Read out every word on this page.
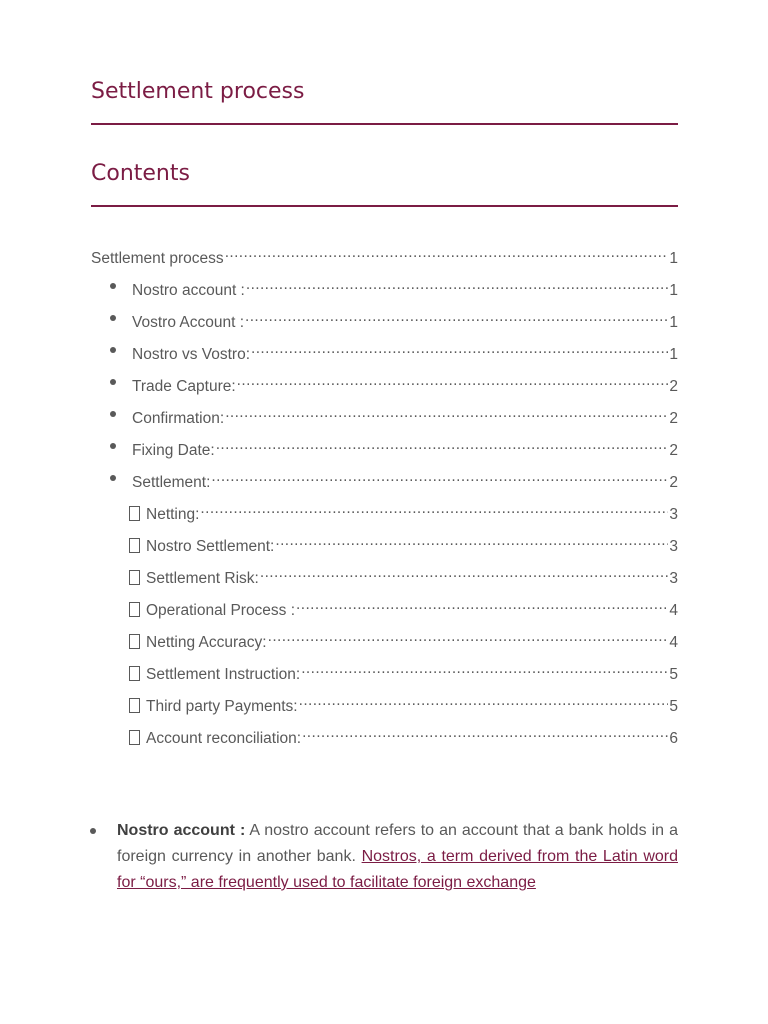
Settlement process
Contents
Settlement process .....	1
Nostro account : .....	1
Vostro Account : .....	1
Nostro vs Vostro: .....	1
Trade Capture: .....	2
Confirmation: .....	2
Fixing Date: .....	2
Settlement: .....	2
Netting: .....	3
Nostro Settlement: .....	3
Settlement Risk: .....	3
Operational Process : .....	4
Netting Accuracy: .....	4
Settlement Instruction: .....	5
Third party Payments: .....	5
Account reconciliation: .....	6
Nostro account : A nostro account refers to an account that a bank holds in a foreign currency in another bank. Nostros, a term derived from the Latin word for “ours,” are frequently used to facilitate foreign exchange
